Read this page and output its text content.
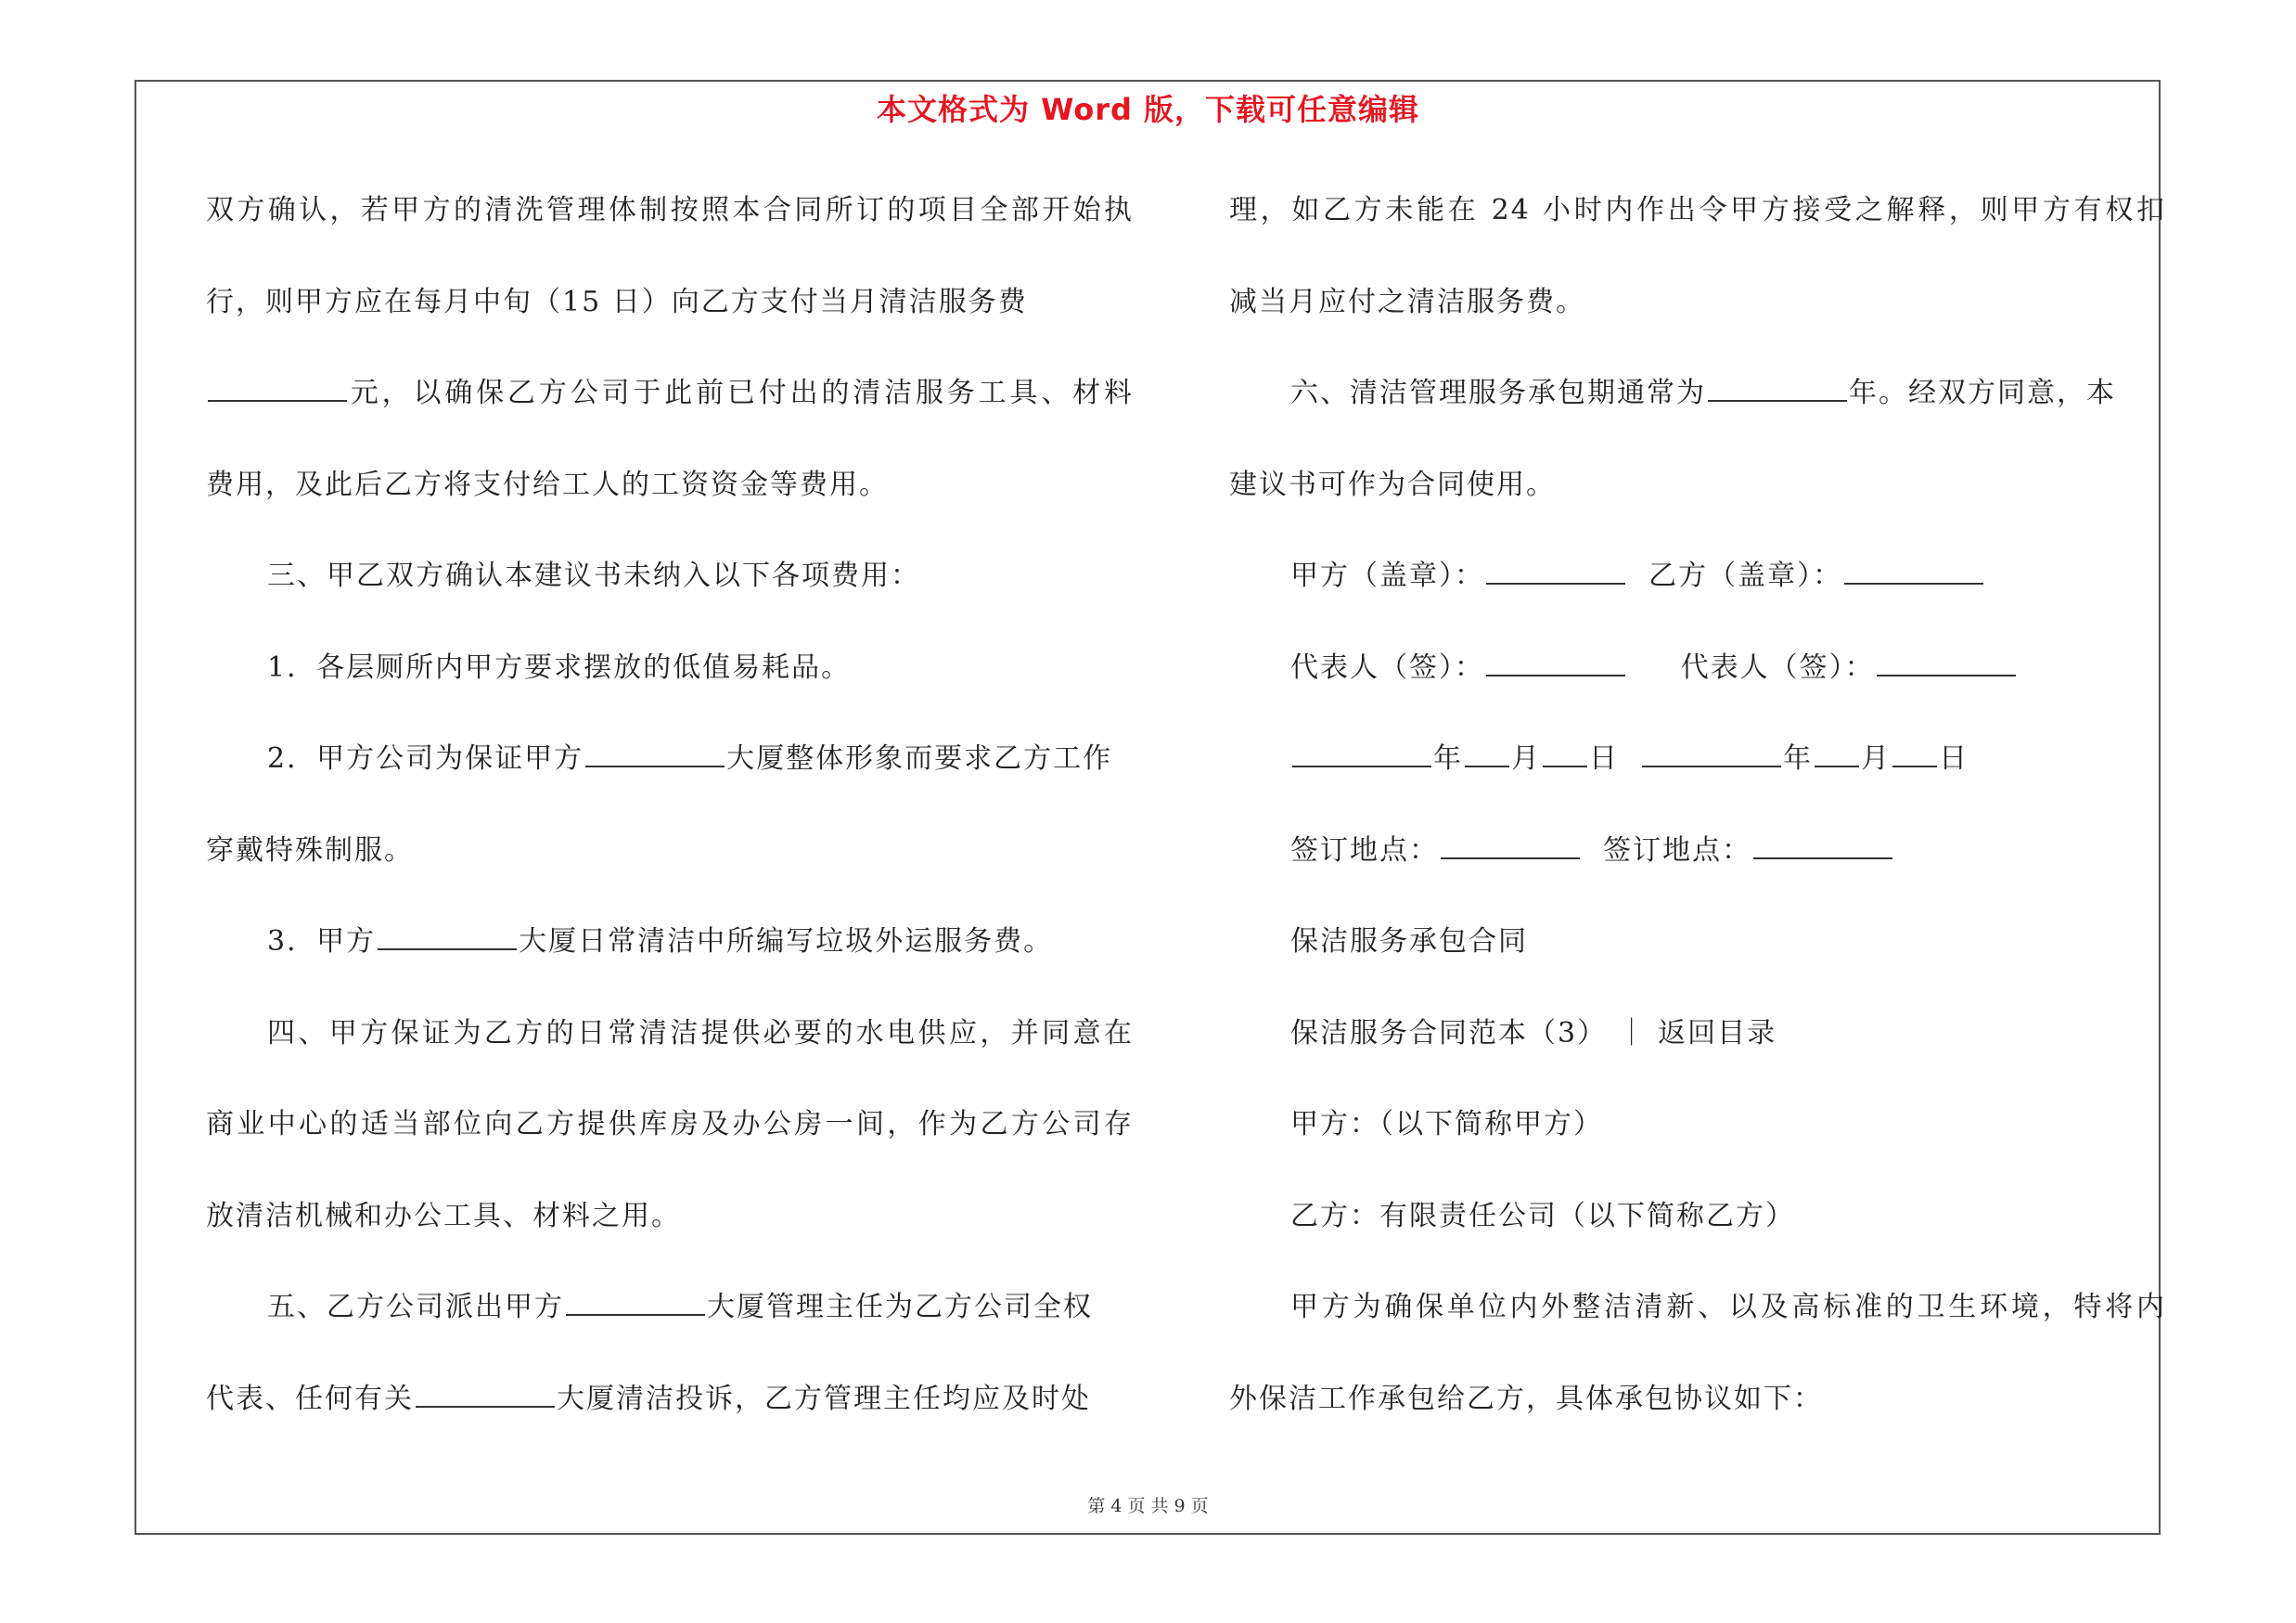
本文格式为 Word 版，下载可任意编辑
双方确认，若甲方的清洗管理体制按照本合同所订的项目全部开始执
行，则甲方应在每月中旬（15 日）向乙方支付当月清洁服务费
元，以确保乙方公司于此前已付出的清洁服务工具、材料
费用，及此后乙方将支付给工人的工资资金等费用。
三、甲乙双方确认本建议书未纳入以下各项费用：
1．各层厕所内甲方要求摆放的低值易耗品。
2．甲方公司为保证甲方	大厦整体形象而要求乙方工作
穿戴特殊制服。
3．甲方	大厦日常清洁中所编写垃圾外运服务费。
四、甲方保证为乙方的日常清洁提供必要的水电供应，并同意在
商业中心的适当部位向乙方提供库房及办公房一间，作为乙方公司存
放清洁机械和办公工具、材料之用。
五、乙方公司派出甲方	大厦管理主任为乙方公司全权
代表、任何有关	大厦清洁投诉，乙方管理主任均应及时处
理，如乙方未能在 24 小时内作出令甲方接受之解释，则甲方有权扣
减当月应付之清洁服务费。
六、清洁管理服务承包期通常为	年。经双方同意，本
建议书可作为合同使用。
甲方（盖章）：	乙方（盖章）：
代表人（签）：	代表人（签）：
年 月 日	年 月 日
签订地点：	签订地点：
保洁服务承包合同
保洁服务合同范本（3） ｜ 返回目录
甲方：（以下简称甲方）
乙方：有限责任公司（以下简称乙方）
甲方为确保单位内外整洁清新、以及高标准的卫生环境，特将内
外保洁工作承包给乙方，具体承包协议如下：
第 4 页 共 9 页
